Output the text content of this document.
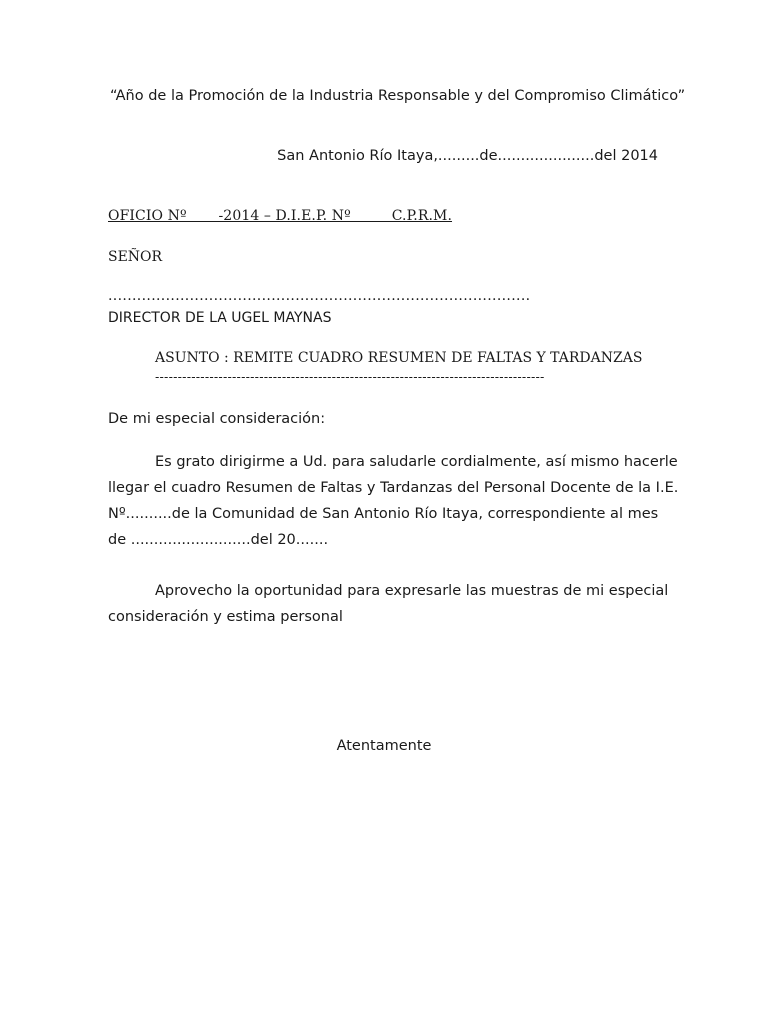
“Año de la Promoción de la Industria Responsable y del Compromiso Climático”
San Antonio Río Itaya,.........de.....................del 2014
OFICIO Nº       -2014 – D.I.E.P. Nº         C.P.R.M.
SEÑOR
........................................................................................
DIRECTOR DE LA UGEL MAYNAS
ASUNTO : REMITE CUADRO RESUMEN DE FALTAS Y TARDANZAS
--------------------------------------------------------------------------------------
De mi especial consideración:
Es grato dirigirme a Ud. para saludarle cordialmente, así mismo hacerle
llegar el cuadro Resumen de Faltas y Tardanzas del Personal Docente de la I.E.
Nº..........de la Comunidad de San Antonio Río Itaya, correspondiente al mes
de ..........................del 20.......
Aprovecho la oportunidad para expresarle las muestras de mi especial
consideración y estima personal
Atentamente
